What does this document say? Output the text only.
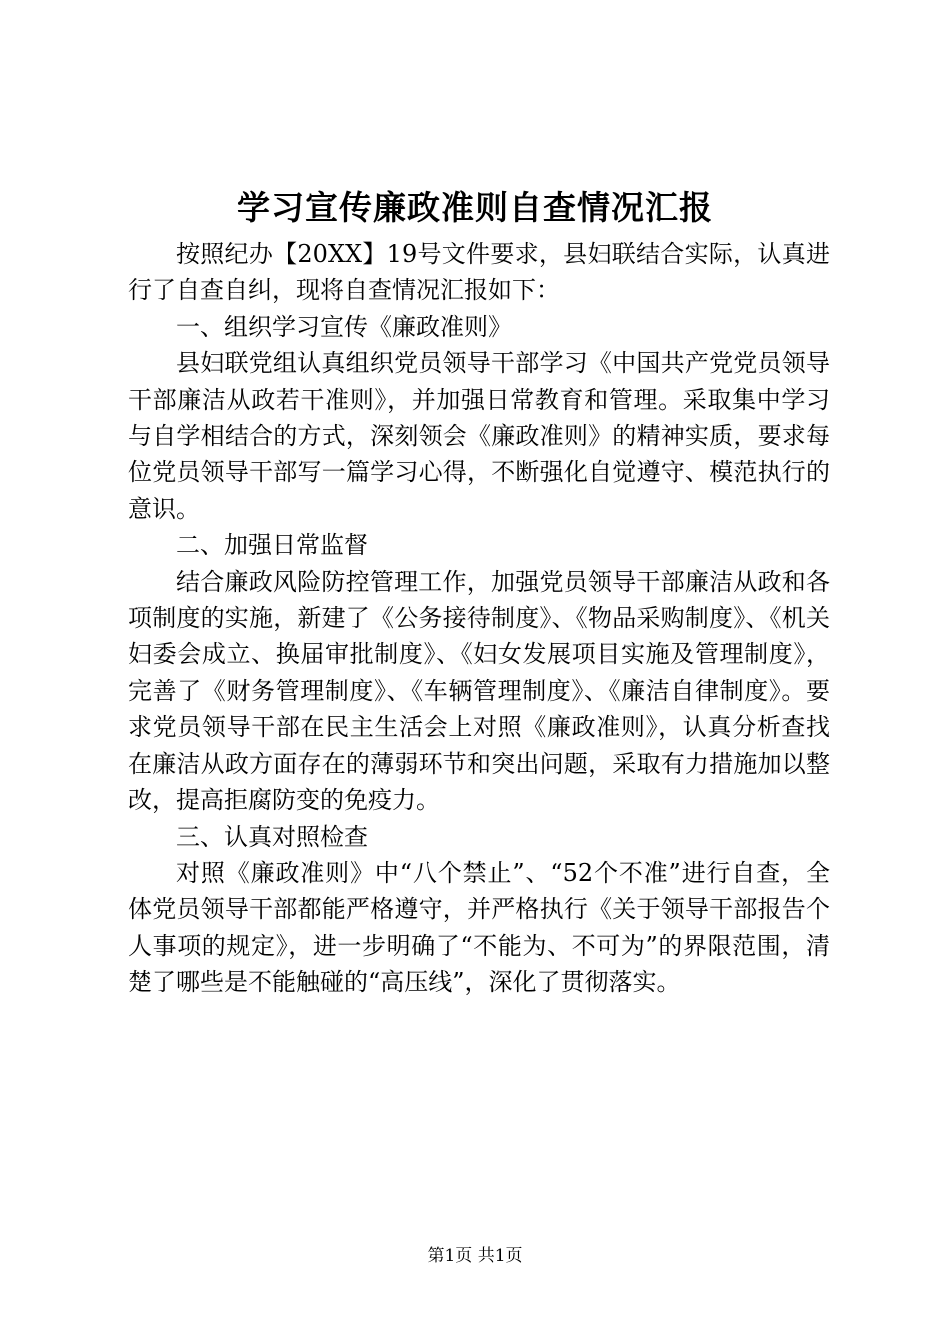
学习宣传廉政准则自查情况汇报

按照纪办【20XX】19号文件要求，县妇联结合实际，认真进行了自查自纠，现将自查情况汇报如下：

一、组织学习宣传《廉政准则》

县妇联党组认真组织党员领导干部学习《中国共产党党员领导干部廉洁从政若干准则》，并加强日常教育和管理。采取集中学习与自学相结合的方式，深刻领会《廉政准则》的精神实质，要求每位党员领导干部写一篇学习心得，不断强化自觉遵守、模范执行的意识。

二、加强日常监督

结合廉政风险防控管理工作，加强党员领导干部廉洁从政和各项制度的实施，新建了《公务接待制度》、《物品采购制度》、《机关妇委会成立、换届审批制度》、《妇女发展项目实施及管理制度》，完善了《财务管理制度》、《车辆管理制度》、《廉洁自律制度》。要求党员领导干部在民主生活会上对照《廉政准则》，认真分析查找在廉洁从政方面存在的薄弱环节和突出问题，采取有力措施加以整改，提高拒腐防变的免疫力。

三、认真对照检查

对照《廉政准则》中“八个禁止”、“52个不准”进行自查，全体党员领导干部都能严格遵守，并严格执行《关于领导干部报告个人事项的规定》，进一步明确了“不能为、不可为”的界限范围，清楚了哪些是不能触碰的“高压线”，深化了贯彻落实。

第1页 共1页
